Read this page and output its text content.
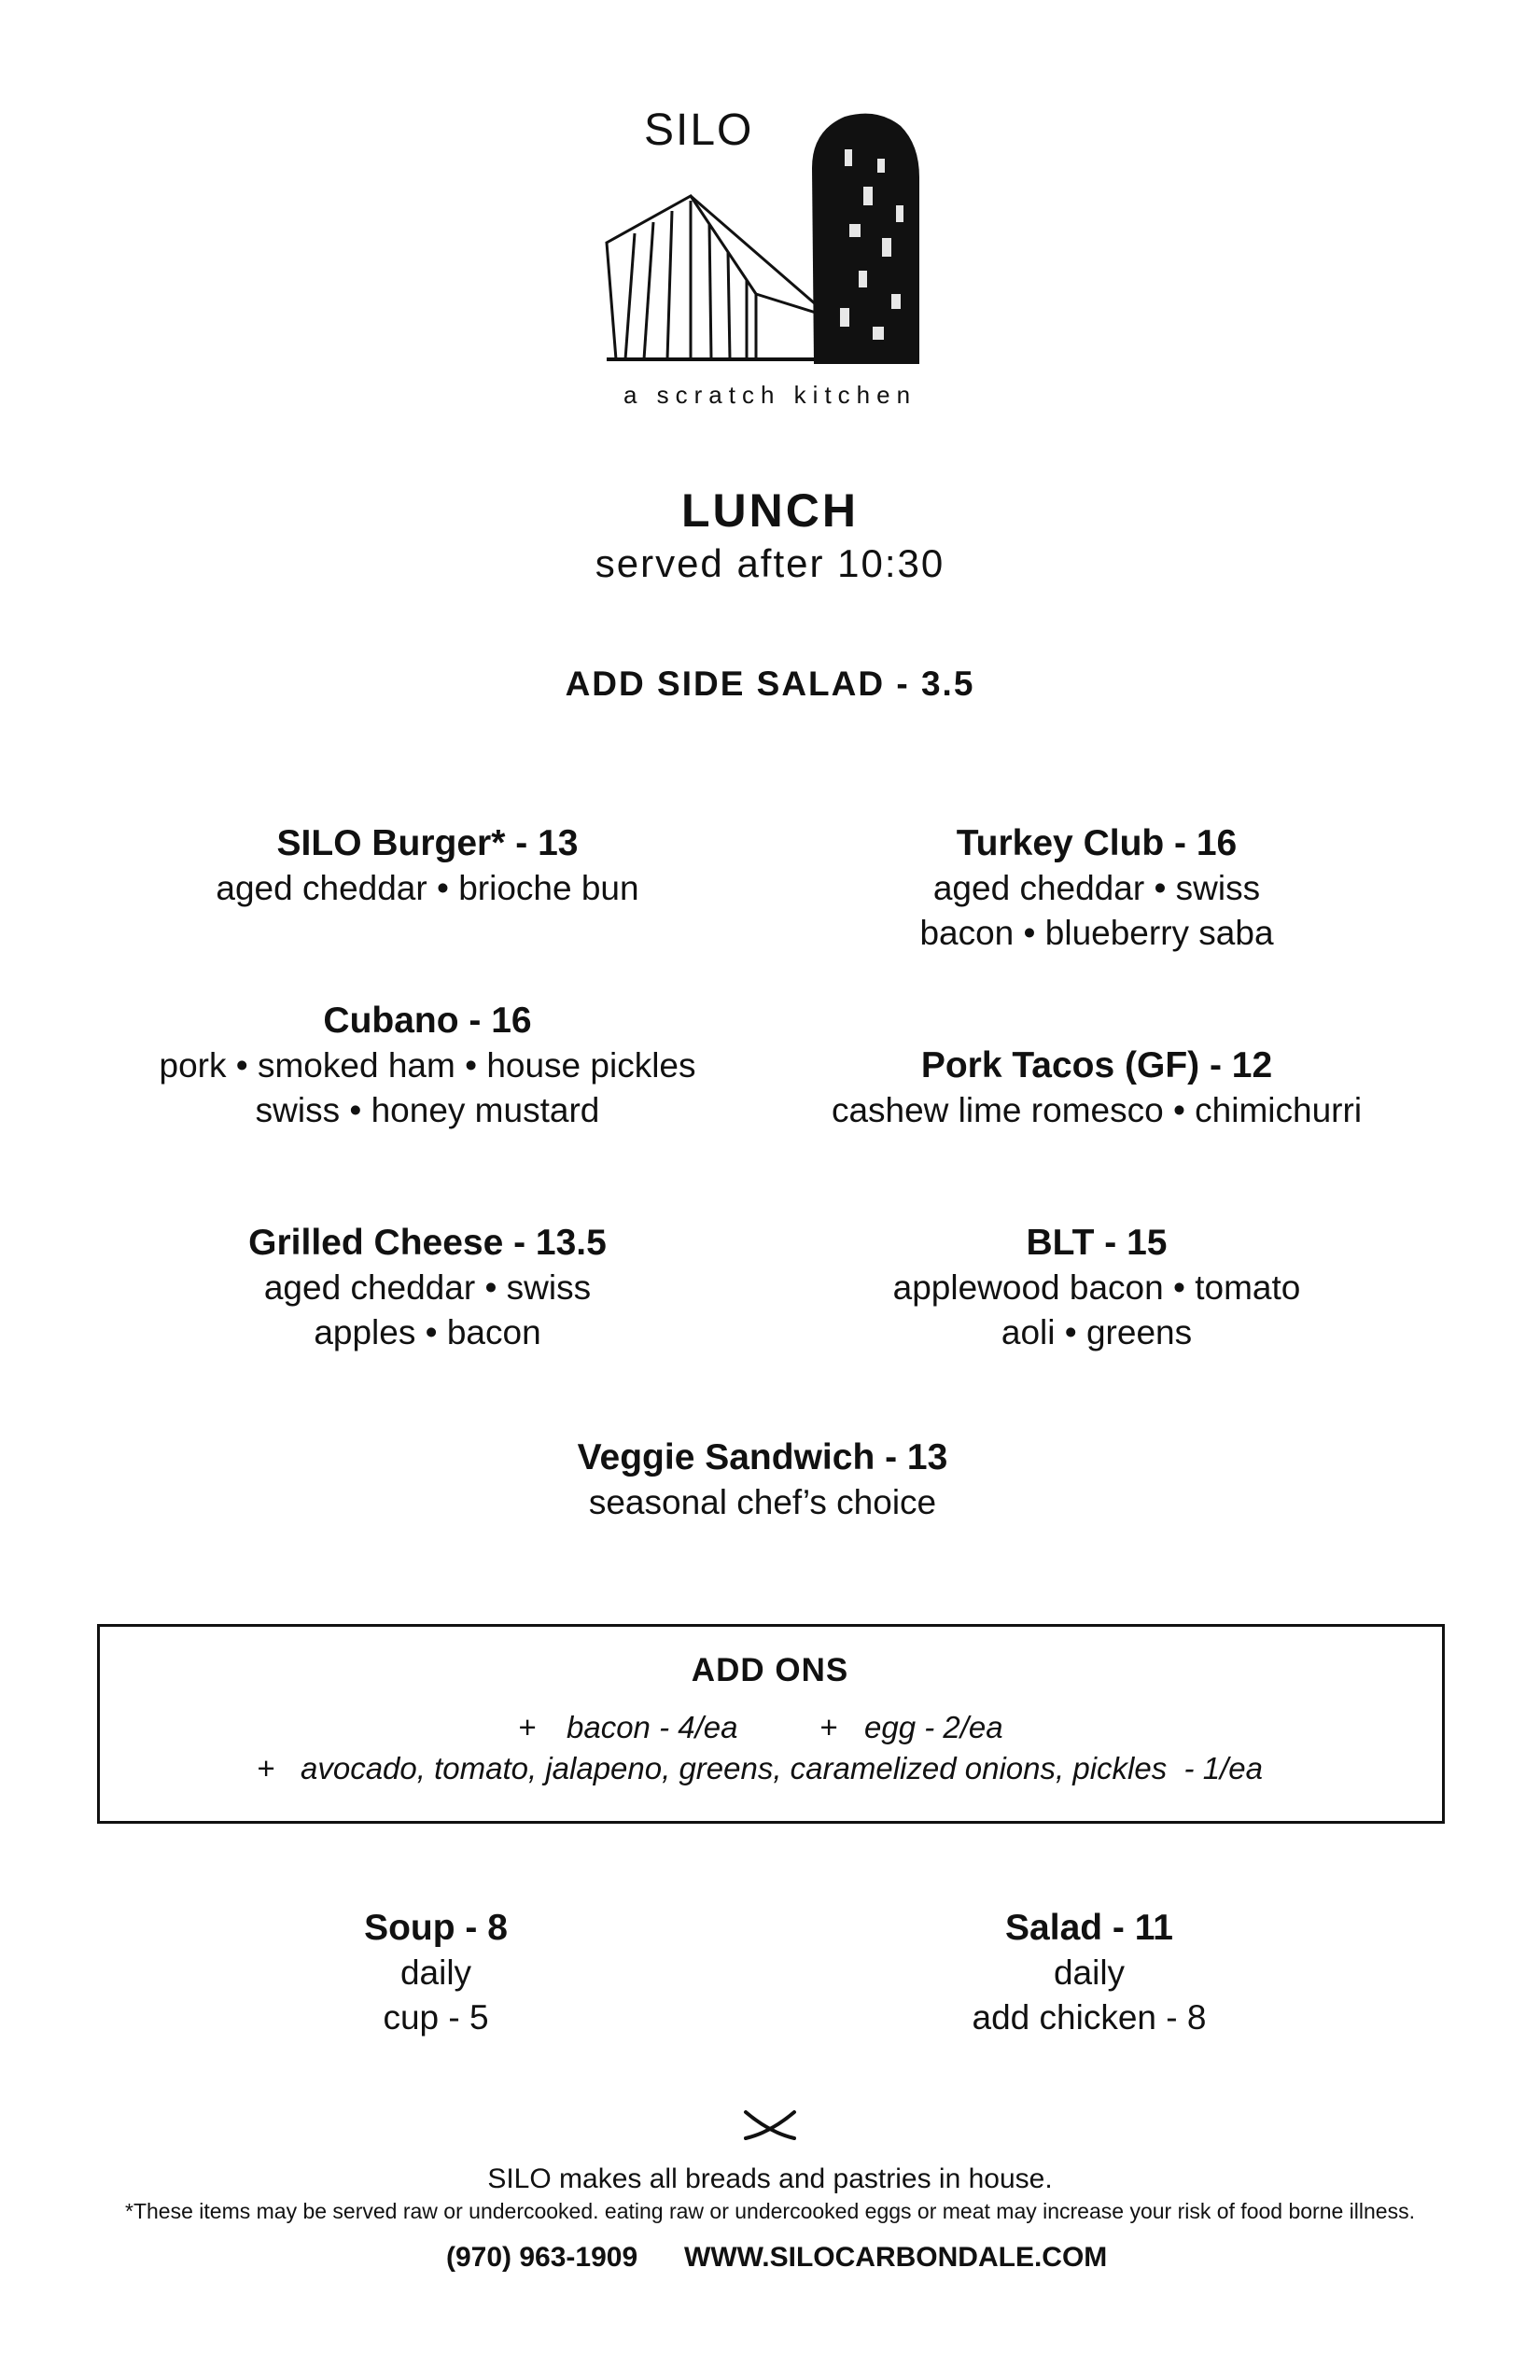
SILO
a scratch kitchen
LUNCH
served after 10:30
ADD SIDE SALAD - 3.5
SILO Burger* - 13
aged cheddar • brioche bun
Turkey Club - 16
aged cheddar • swiss
bacon • blueberry saba
Cubano - 16
pork • smoked ham • house pickles
swiss • honey mustard
Pork Tacos (GF) - 12
cashew lime romesco • chimichurri
Grilled Cheese - 13.5
aged cheddar • swiss
apples • bacon
BLT - 15
applewood bacon • tomato
aoli • greens
Veggie Sandwich - 13
seasonal chef’s choice
ADD ONS
+ bacon - 4/ea	+ egg - 2/ea
+ avocado, tomato, jalapeno, greens, caramelized onions, pickles  - 1/ea
Soup - 8
daily
cup - 5
Salad - 11
daily
add chicken - 8
SILO makes all breads and pastries in house.
*These items may be served raw or undercooked. eating raw or undercooked eggs or meat may increase your risk of food borne illness.
(970) 963-1909 WWW.SILOCARBONDALE.COM
